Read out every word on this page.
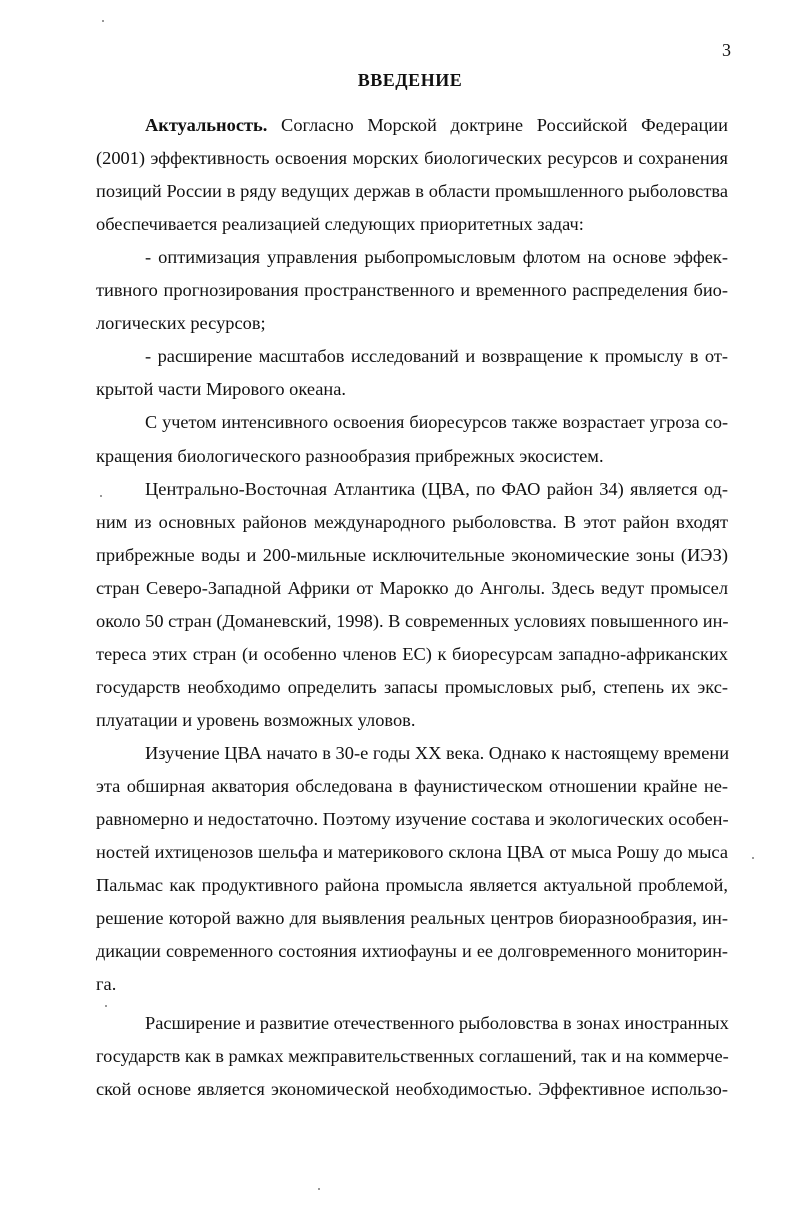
3
ВВЕДЕНИЕ
Актуальность. Согласно Морской доктрине Российской Федерации
(2001) эффективность освоения морских биологических ресурсов и сохранения
позиций России в ряду ведущих держав в области промышленного рыболовства
обеспечивается реализацией следующих приоритетных задач:
- оптимизация управления рыбопромысловым флотом на основе эффек-
тивного прогнозирования пространственного и временного распределения био-
логических ресурсов;
- расширение масштабов исследований и возвращение к промыслу в от-
крытой части Мирового океана.
С учетом интенсивного освоения биоресурсов также возрастает угроза со-
кращения биологического разнообразия прибрежных экосистем.
Центрально-Восточная Атлантика (ЦВА, по ФАО район 34) является од-
ним из основных районов международного рыболовства. В этот район входят
прибрежные воды и 200-мильные исключительные экономические зоны (ИЭЗ)
стран Северо-Западной Африки от Марокко до Анголы. Здесь ведут промысел
около 50 стран (Доманевский, 1998). В современных условиях повышенного ин-
тереса этих стран (и особенно членов ЕС) к биоресурсам западно-африканских
государств необходимо определить запасы промысловых рыб, степень их экс-
плуатации и уровень возможных уловов.
Изучение ЦВА начато в 30-е годы XX века. Однако к настоящему времени
эта обширная акватория обследована в фаунистическом отношении крайне не-
равномерно и недостаточно. Поэтому изучение состава и экологических особен-
ностей ихтиценозов шельфа и материкового склона ЦВА от мыса Рошу до мыса
Пальмас как продуктивного района промысла является актуальной проблемой,
решение которой важно для выявления реальных центров биоразнообразия, ин-
дикации современного состояния ихтиофауны и ее долговременного мониторин-
га.
Расширение и развитие отечественного рыболовства в зонах иностранных
государств как в рамках межправительственных соглашений, так и на коммерче-
ской основе является экономической необходимостью. Эффективное использо-
